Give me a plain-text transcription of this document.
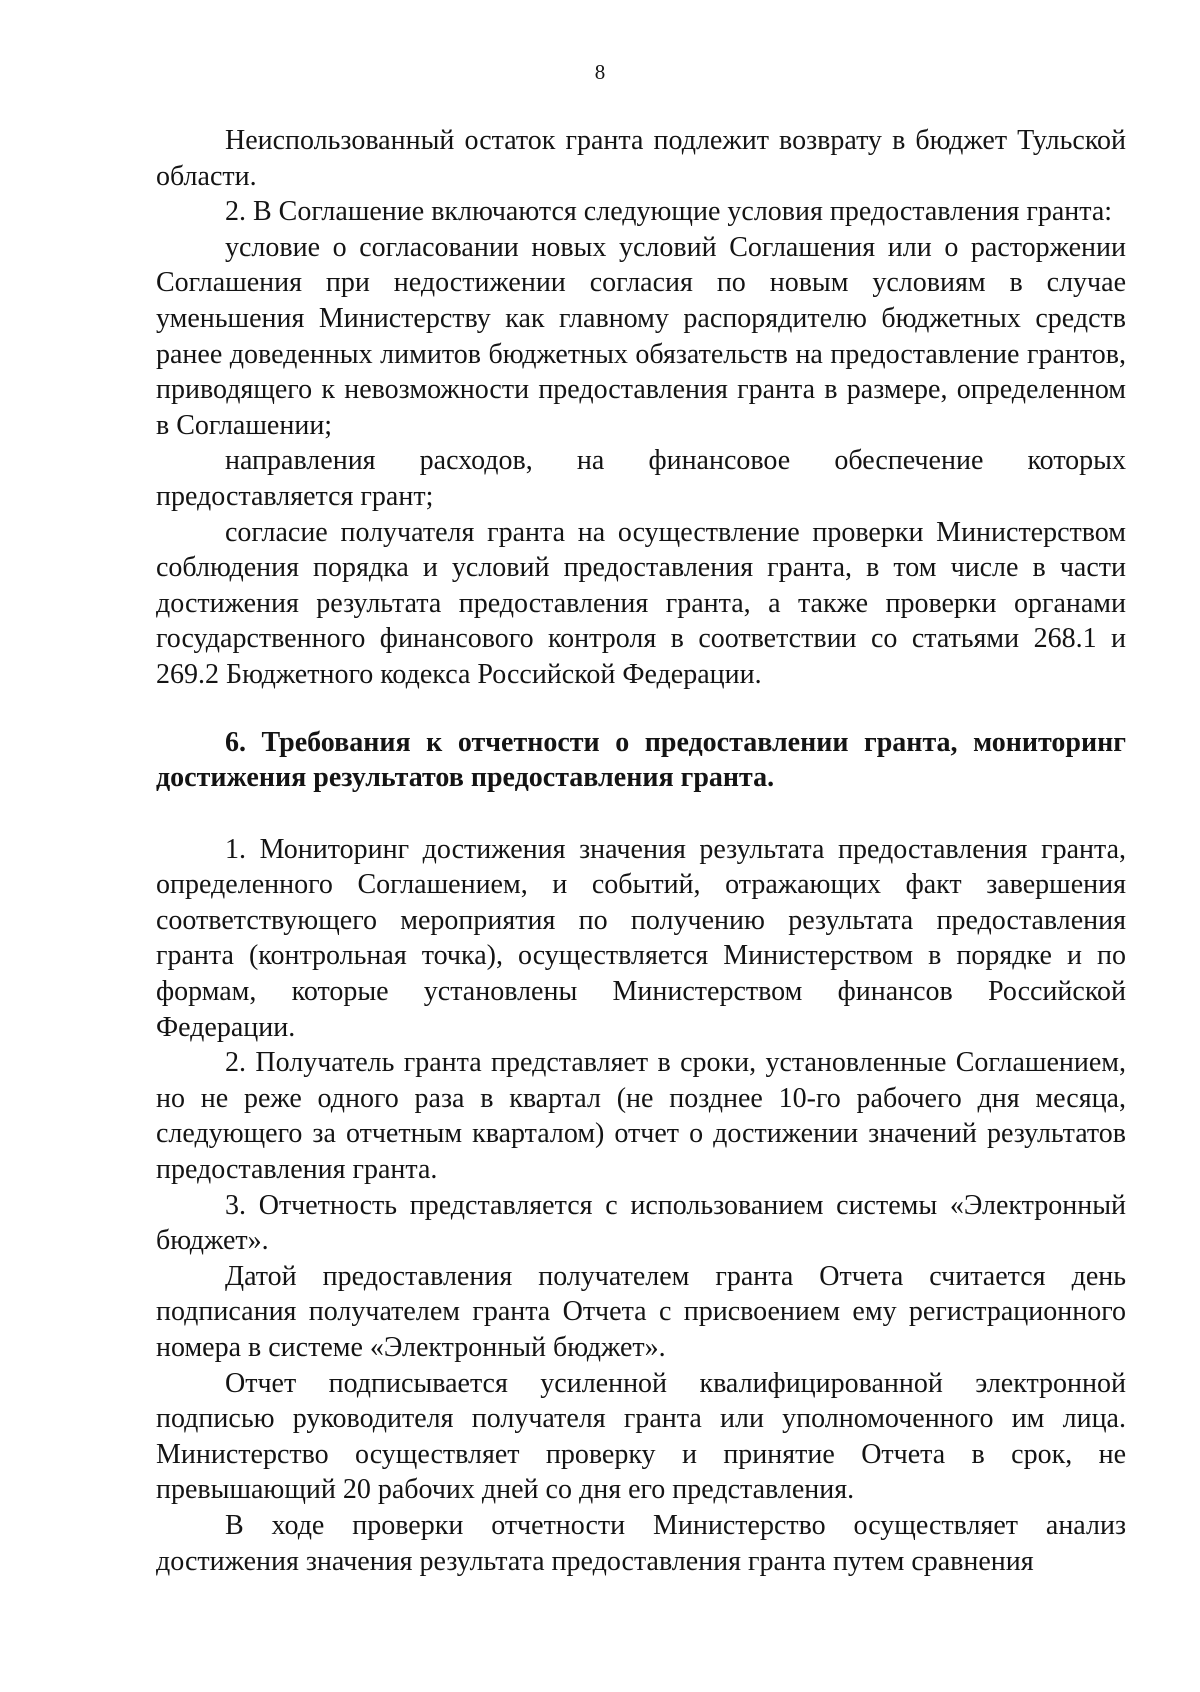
8

Неиспользованный остаток гранта подлежит возврату в бюджет Тульской области.

2. В Соглашение включаются следующие условия предоставления гранта:

условие о согласовании новых условий Соглашения или о расторжении Соглашения при недостижении согласия по новым условиям в случае уменьшения Министерству как главному распорядителю бюджетных средств ранее доведенных лимитов бюджетных обязательств на предоставление грантов, приводящего к невозможности предоставления гранта в размере, определенном в Соглашении;

направления расходов, на финансовое обеспечение которых предоставляется грант;

согласие получателя гранта на осуществление проверки Министерством соблюдения порядка и условий предоставления гранта, в том числе в части достижения результата предоставления гранта, а также проверки органами государственного финансового контроля в соответствии со статьями 268.1 и 269.2 Бюджетного кодекса Российской Федерации.

6. Требования к отчетности о предоставлении гранта, мониторинг достижения результатов предоставления гранта.

1. Мониторинг достижения значения результата предоставления гранта, определенного Соглашением, и событий, отражающих факт завершения соответствующего мероприятия по получению результата предоставления гранта (контрольная точка), осуществляется Министерством в порядке и по формам, которые установлены Министерством финансов Российской Федерации.

2. Получатель гранта представляет в сроки, установленные Соглашением, но не реже одного раза в квартал (не позднее 10-го рабочего дня месяца, следующего за отчетным кварталом) отчет о достижении значений результатов предоставления гранта.

3. Отчетность представляется с использованием системы «Электронный бюджет».

Датой предоставления получателем гранта Отчета считается день подписания получателем гранта Отчета с присвоением ему регистрационного номера в системе «Электронный бюджет».

Отчет подписывается усиленной квалифицированной электронной подписью руководителя получателя гранта или уполномоченного им лица. Министерство осуществляет проверку и принятие Отчета в срок, не превышающий 20 рабочих дней со дня его представления.

В ходе проверки отчетности Министерство осуществляет анализ достижения значения результата предоставления гранта путем сравнения
